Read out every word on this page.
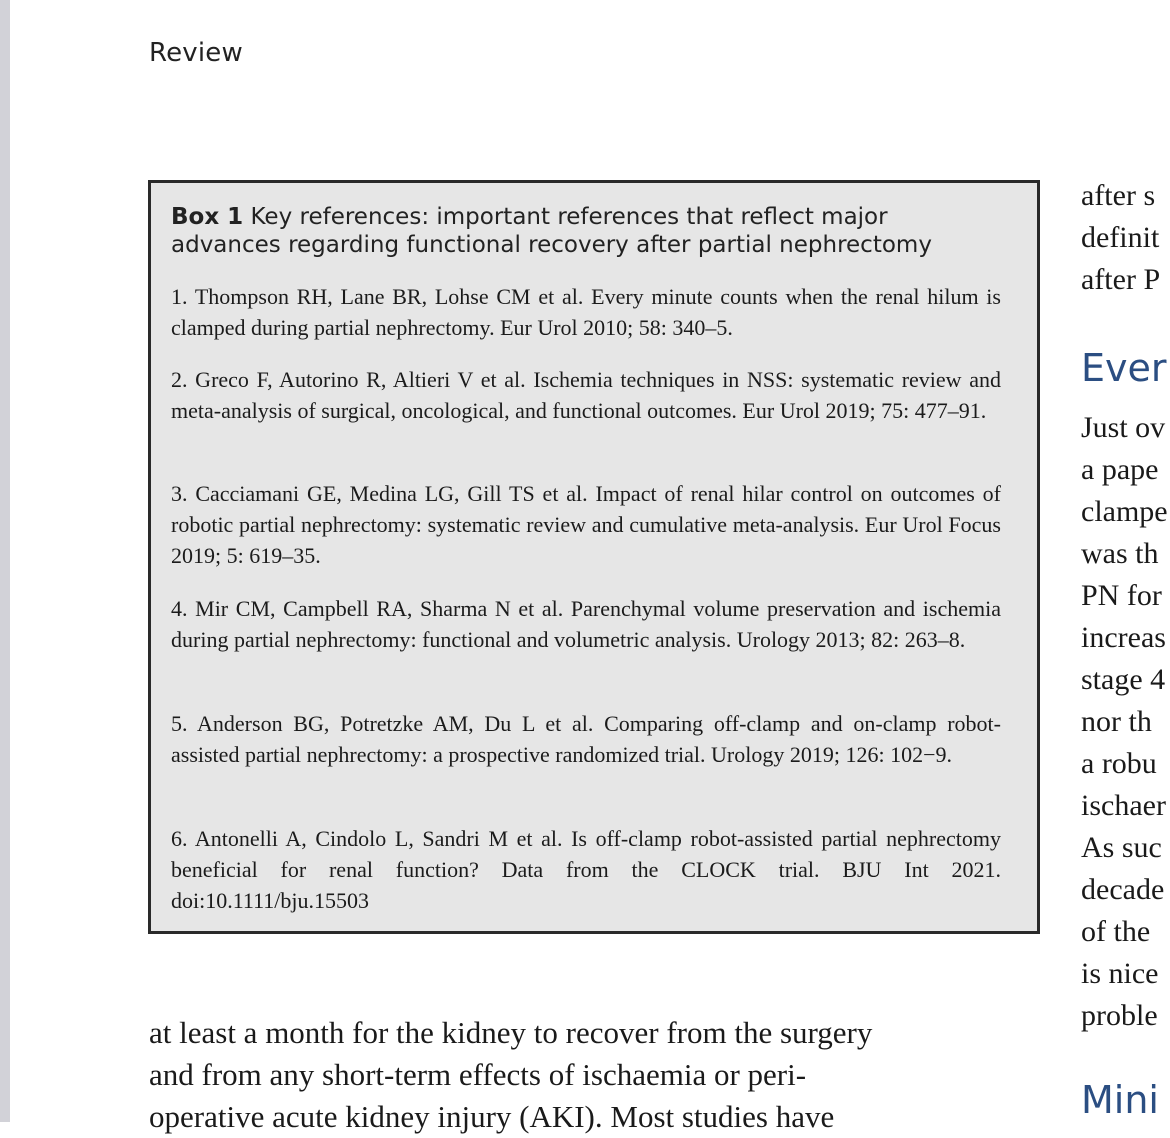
Review
Box 1 Key references: important references that reflect major advances regarding functional recovery after partial nephrectomy
1. Thompson RH, Lane BR, Lohse CM et al. Every minute counts when the renal hilum is clamped during partial nephrectomy. Eur Urol 2010; 58: 340–5.
2. Greco F, Autorino R, Altieri V et al. Ischemia techniques in NSS: systematic review and meta-analysis of surgical, oncological, and functional outcomes. Eur Urol 2019; 75: 477–91.
3. Cacciamani GE, Medina LG, Gill TS et al. Impact of renal hilar control on outcomes of robotic partial nephrectomy: systematic review and cumulative meta-analysis. Eur Urol Focus 2019; 5: 619–35.
4. Mir CM, Campbell RA, Sharma N et al. Parenchymal volume preservation and ischemia during partial nephrectomy: functional and volumetric analysis. Urology 2013; 82: 263–8.
5. Anderson BG, Potretzke AM, Du L et al. Comparing off-clamp and on-clamp robot-assisted partial nephrectomy: a prospective randomized trial. Urology 2019; 126: 102−9.
6. Antonelli A, Cindolo L, Sandri M et al. Is off-clamp robot-assisted partial nephrectomy beneficial for renal function? Data from the CLOCK trial. BJU Int 2021. doi:10.1111/bju.15503
after s
definit
after P
Ever
Just ov
a pape
clampe
was th
PN for
increas
stage 4
nor th
a robu
ischaer
As suc
decade
of the
is nice
proble
Mini
at least a month for the kidney to recover from the surgery
and from any short-term effects of ischaemia or peri-
operative acute kidney injury (AKI). Most studies have
